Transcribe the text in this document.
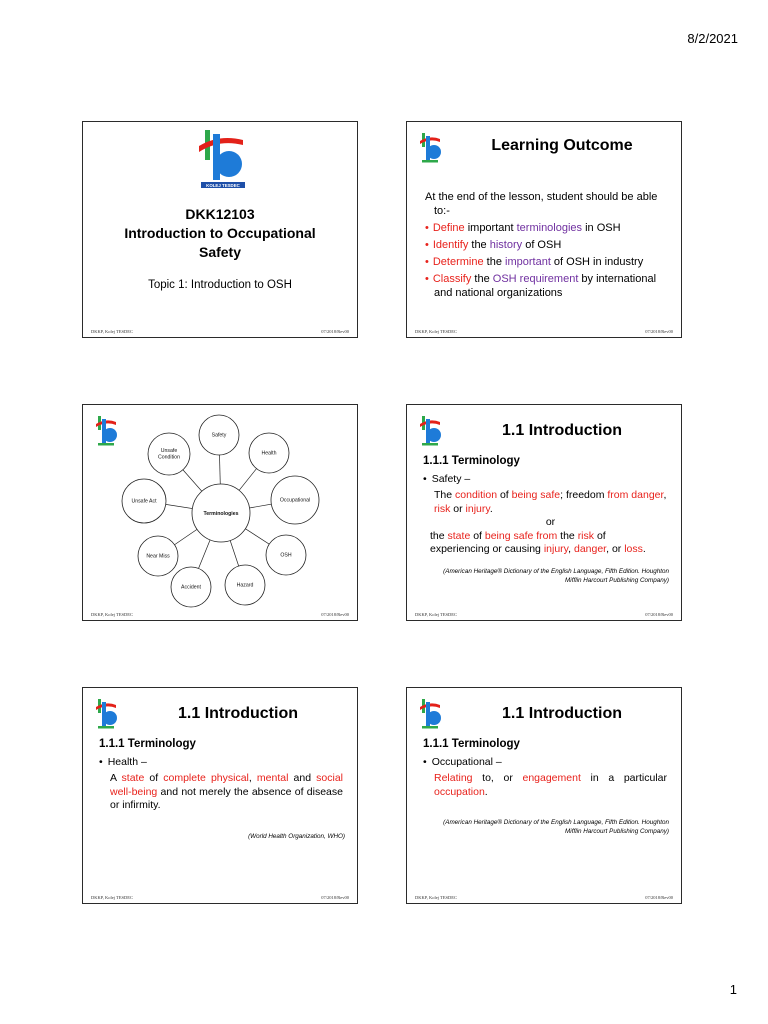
8/2/2021
KOLEJ TESDEC
DKK12103
Introduction to Occupational
Safety
Topic 1: Introduction to OSH
DKKP, Kolej TESDEC	07/2018/Rev00
Learning Outcome
At the end of the lesson, student should be able
to:-
• Define important terminologies in OSH
• Identify the history of OSH
• Determine the important of OSH in industry
• Classify the OSH requirement by international and national organizations
DKKP, Kolej TESDEC	07/2018/Rev00
Safety
Health
Occupational
OSH
Hazard
Accident
Near Miss
Unsafe Act
Unsafe
Condition
Terminologies
DKKP, Kolej TESDEC	07/2018/Rev00
1.1 Introduction
1.1.1 Terminology
• Safety –
The condition of being safe; freedom from danger, risk or injury.
or
the state of being safe from the risk of experiencing or causing injury, danger, or loss.
(American Heritage® Dictionary of the English Language, Fifth Edition. Houghton
Mifflin Harcourt Publishing Company)
DKKP, Kolej TESDEC	07/2018/Rev00
1.1 Introduction
1.1.1 Terminology
• Health –
A state of complete physical, mental and social well-being and not merely the absence of disease or infirmity.
(World Health Organization, WHO)
DKKP, Kolej TESDEC	07/2018/Rev00
1.1 Introduction
1.1.1 Terminology
• Occupational –
Relating to, or engagement in a particular occupation.
(American Heritage® Dictionary of the English Language, Fifth Edition. Houghton
Mifflin Harcourt Publishing Company)
DKKP, Kolej TESDEC	07/2018/Rev00
1
